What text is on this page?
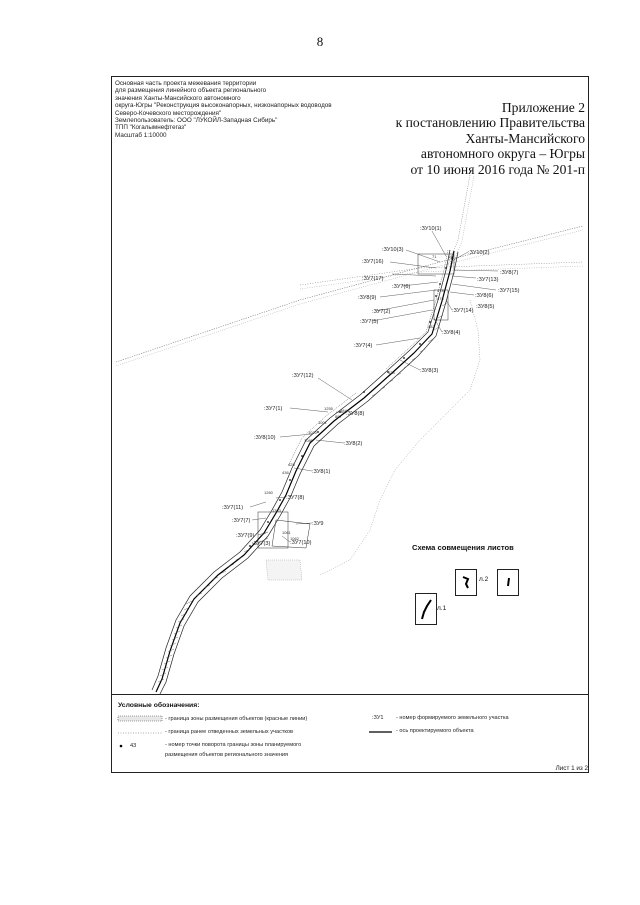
8
Основная часть проекта межевания территории
для размещения линейного объекта регионального
значения Ханты-Мансийского автономного
округа-Югры "Реконструкция высоконапорных, низконапорных водоводов
Северо-Кочевского месторождения"
Землепользователь: ООО "ЛУКОЙЛ-Западная Сибирь"
ТПП "Когалымнефтегаз"
Масштаб 1:10000
Приложение 2
к постановлению Правительства
Ханты-Мансийского
автономного округа – Югры
от 10 июня 2016 года № 201-п
71	19
478
479
482
428
1255 884
887
1001
1020
1086
425
436
1333
1260
1061
1062
:ЗУ10(1)
:ЗУ10(3)	:ЗУ10(2)
:ЗУ7(16)
:ЗУ8(7)
:ЗУ7(17)	:ЗУ7(13)
:ЗУ7(6)
:ЗУ7(15)
:ЗУ8(9)	:ЗУ8(6)
:ЗУ8(5)
:ЗУ7(2)	:ЗУ7(14)
:ЗУ7(5)
:ЗУ8(4)
:ЗУ7(4)
:ЗУ8(3)
:ЗУ7(12)
:ЗУ7(1)
:ЗУ8(8)
:ЗУ8(10)
:ЗУ8(2)
:ЗУ8(1)
:ЗУ7(8)
:ЗУ7(11)
:ЗУ9
:ЗУ7(7)
:ЗУ7(9)
:ЗУ7(3)	:ЗУ7(10)	Схема совмещения листов
л.2
л.1
Условные обозначения:
43
- граница зоны размещения объектов (красные линии)
- граница ранее отведенных земельных участков
- номер точки поворота границы зоны планируемого
размещения объектов регионального значения
:ЗУ1 - номер формируемого земельного участка
- ось проектируемого объекта
Лист 1 из 2
